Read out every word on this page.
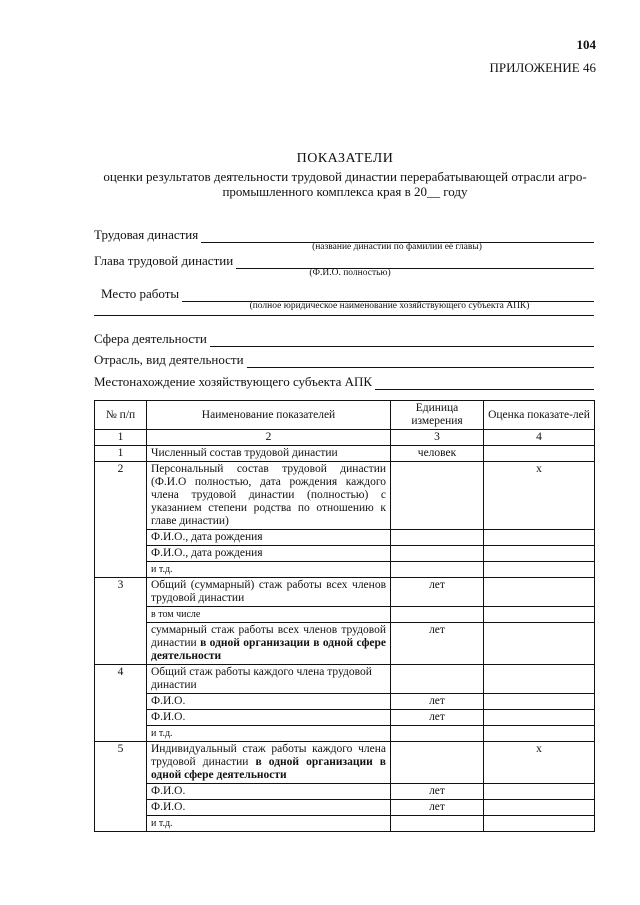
104
ПРИЛОЖЕНИЕ 46
ПОКАЗАТЕЛИ
оценки результатов деятельности трудовой династии перерабатывающей отрасли агро-
промышленного комплекса края в 20__ году
Трудовая династия
(название династии по фамилии её главы)
Глава трудовой династии
(Ф.И.О. полностью)
Место работы
(полное юридическое наименование хозяйствующего субъекта АПК)
Сфера деятельности
Отрасль, вид деятельности
Местонахождение хозяйствующего субъекта АПК
№ п/п	Наименование показателей	Единица измерения	Оценка показате-лей
1	2	3	4
1	Численный состав трудовой династии	человек	
2	Персональный состав трудовой династии (Ф.И.О полностью, дата рождения каждого члена трудовой династии (полностью) с указанием степени родства по отношению к главе династии)		х
	Ф.И.О., дата рождения		
	Ф.И.О., дата рождения		
	и т.д.		
3	Общий (суммарный) стаж работы всех членов трудовой династии	лет	
	в том числе		
	суммарный стаж работы всех членов трудовой династии в одной организации в одной сфере деятельности	лет	
4	Общий стаж работы каждого члена трудовой династии		
	Ф.И.О.	лет	
	Ф.И.О.	лет	
	и т.д.		
5	Индивидуальный стаж работы каждого члена трудовой династии в одной организации в одной сфере деятельности		х
	Ф.И.О.	лет	
	Ф.И.О.	лет	
	и т.д.		
